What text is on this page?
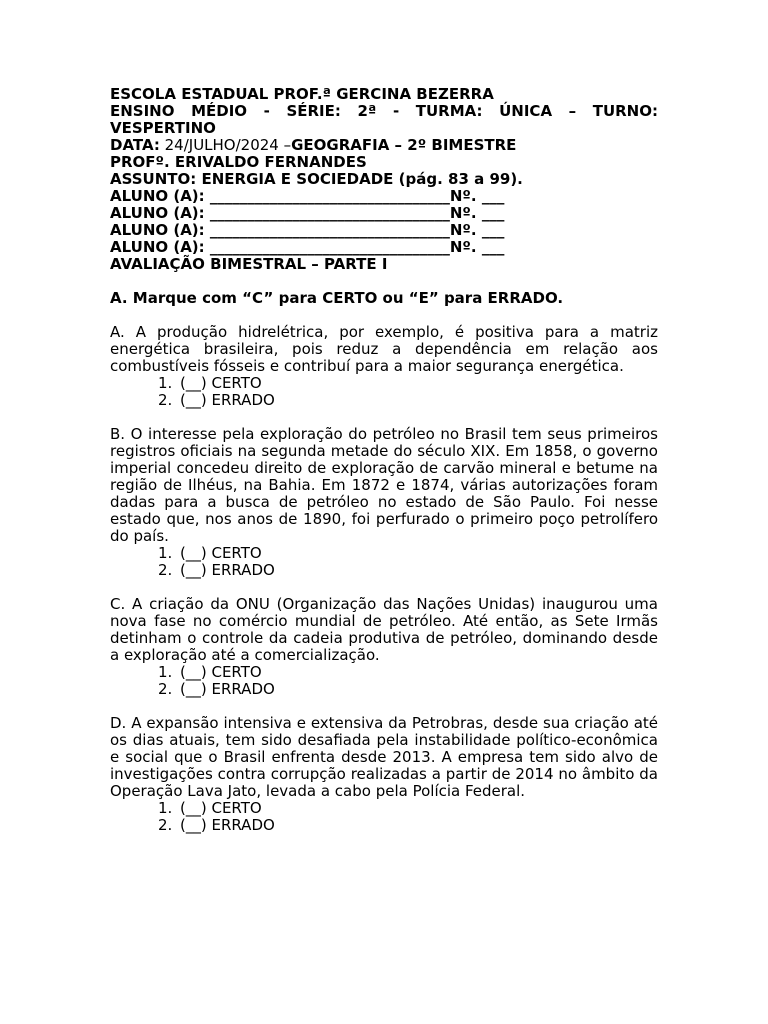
ESCOLA ESTADUAL PROF.ª GERCINA BEZERRA
ENSINO MÉDIO - SÉRIE: 2ª - TURMA: ÚNICA – TURNO:
VESPERTINO
DATA: 24/JULHO/2024 –GEOGRAFIA – 2º BIMESTRE
PROFº. ERIVALDO FERNANDES
ASSUNTO: ENERGIA E SOCIEDADE (pág. 83 a 99).
ALUNO (A): ________________________________Nº. ___
ALUNO (A): ________________________________Nº. ___
ALUNO (A): ________________________________Nº. ___
ALUNO (A): ________________________________Nº. ___
AVALIAÇÃO BIMESTRAL – PARTE I
A. Marque com “C” para CERTO ou “E” para ERRADO.

A. A produção hidrelétrica, por exemplo, é positiva para a matriz energética brasileira, pois reduz a dependência em relação aos combustíveis fósseis e contribuí para a maior segurança energética.

1. (__) CERTO
2. (__) ERRADO

B. O interesse pela exploração do petróleo no Brasil tem seus primeiros registros oficiais na segunda metade do século XIX. Em 1858, o governo imperial concedeu direito de exploração de carvão mineral e betume na região de Ilhéus, na Bahia. Em 1872 e 1874, várias autorizações foram dadas para a busca de petróleo no estado de São Paulo. Foi nesse estado que, nos anos de 1890, foi perfurado o primeiro poço petrolífero do país.

1. (__) CERTO
2. (__) ERRADO

C. A criação da ONU (Organização das Nações Unidas) inaugurou uma nova fase no comércio mundial de petróleo. Até então, as Sete Irmãs detinham o controle da cadeia produtiva de petróleo, dominando desde a exploração até a comercialização.

1. (__) CERTO
2. (__) ERRADO

D. A expansão intensiva e extensiva da Petrobras, desde sua criação até os dias atuais, tem sido desafiada pela instabilidade político-econômica e social que o Brasil enfrenta desde 2013. A empresa tem sido alvo de investigações contra corrupção realizadas a partir de 2014 no âmbito da Operação Lava Jato, levada a cabo pela Polícia Federal.

1. (__) CERTO
2. (__) ERRADO
